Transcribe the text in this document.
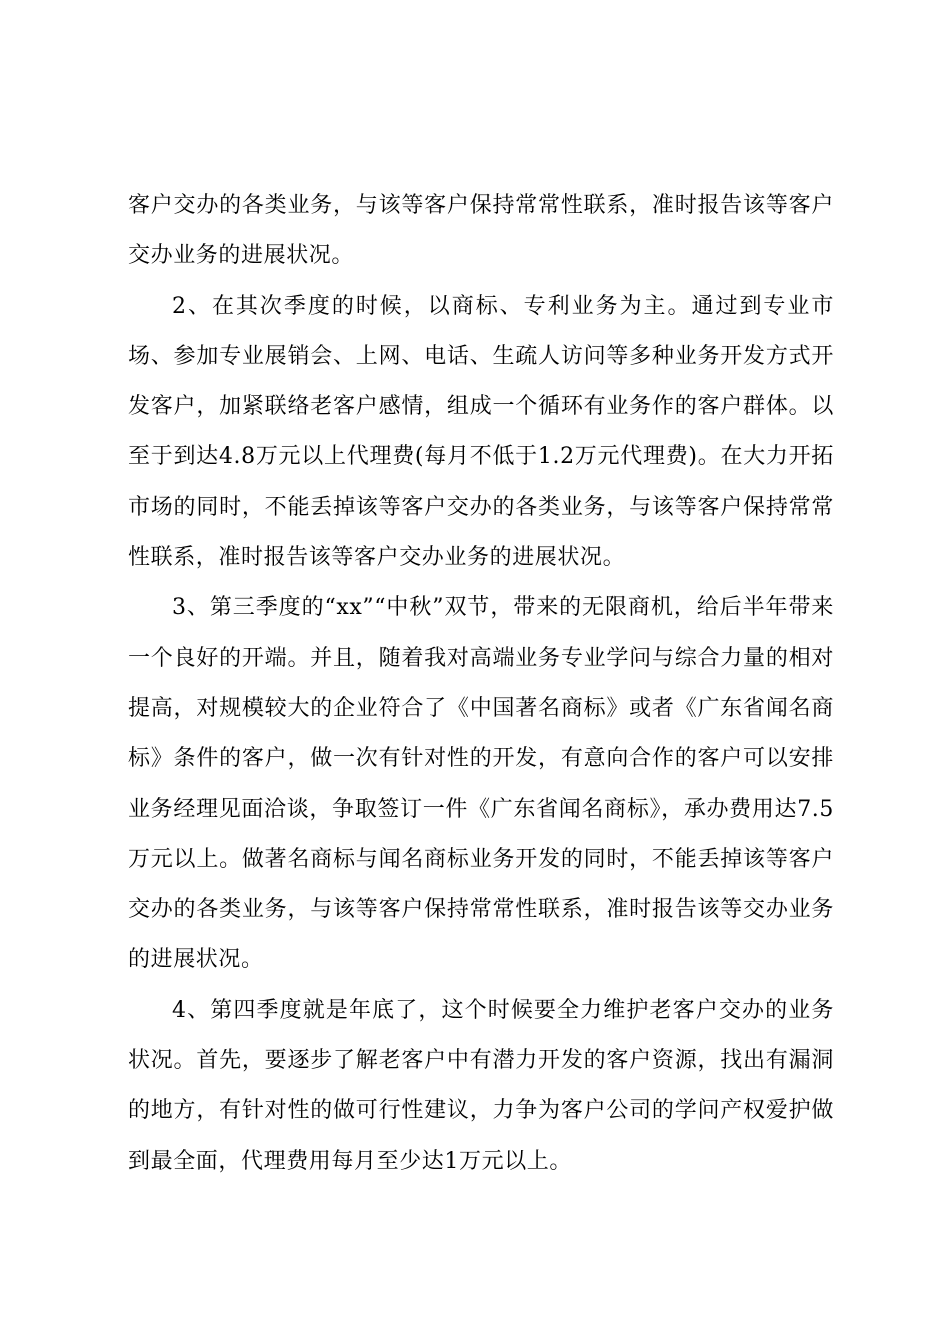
客户交办的各类业务，与该等客户保持常常性联系，准时报告该等客户交办业务的进展状况。

2、在其次季度的时候，以商标、专利业务为主。通过到专业市场、参加专业展销会、上网、电话、生疏人访问等多种业务开发方式开发客户，加紧联络老客户感情，组成一个循环有业务作的客户群体。以至于到达4.8万元以上代理费(每月不低于1.2万元代理费)。在大力开拓市场的同时，不能丢掉该等客户交办的各类业务，与该等客户保持常常性联系，准时报告该等客户交办业务的进展状况。

3、第三季度的“xx”“中秋”双节，带来的无限商机，给后半年带来一个良好的开端。并且，随着我对高端业务专业学问与综合力量的相对提高，对规模较大的企业符合了《中国著名商标》或者《广东省闻名商标》条件的客户，做一次有针对性的开发，有意向合作的客户可以安排业务经理见面洽谈，争取签订一件《广东省闻名商标》，承办费用达7.5万元以上。做著名商标与闻名商标业务开发的同时，不能丢掉该等客户交办的各类业务，与该等客户保持常常性联系，准时报告该等交办业务的进展状况。

4、第四季度就是年底了，这个时候要全力维护老客户交办的业务状况。首先，要逐步了解老客户中有潜力开发的客户资源，找出有漏洞的地方，有针对性的做可行性建议，力争为客户公司的学问产权爱护做到最全面，代理费用每月至少达1万元以上。
